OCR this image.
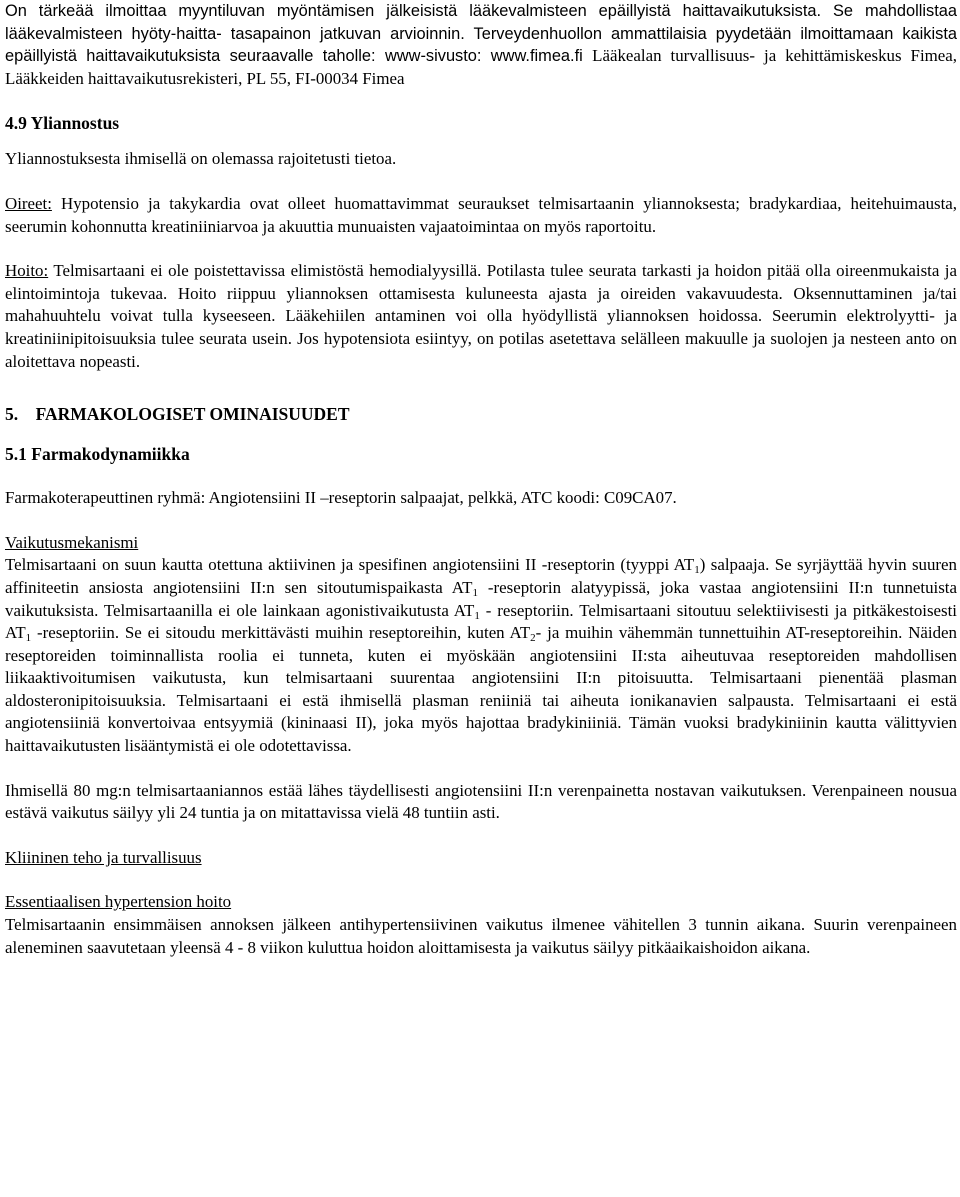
On tärkeää ilmoittaa myyntiluvan myöntämisen jälkeisistä lääkevalmisteen epäillyistä haittavaikutuksista. Se mahdollistaa lääkevalmisteen hyöty-haitta- tasapainon jatkuvan arvioinnin. Terveydenhuollon ammattilaisia pyydetään ilmoittamaan kaikista epäillyistä haittavaikutuksista seuraavalle taholle: www-sivusto: www.fimea.fi Lääkealan turvallisuus- ja kehittämiskeskus Fimea, Lääkkeiden haittavaikutusrekisteri, PL 55, FI-00034 Fimea

4.9 Yliannostus

Yliannostuksesta ihmisellä on olemassa rajoitetusti tietoa.

Oireet: Hypotensio ja takykardia ovat olleet huomattavimmat seuraukset telmisartaanin yliannoksesta; bradykardiaa, heitehuimausta, seerumin kohonnutta kreatiniiniarvoa ja akuuttia munuaisten vajaatoimintaa on myös raportoitu.

Hoito: Telmisartaani ei ole poistettavissa elimistöstä hemodialyysillä. Potilasta tulee seurata tarkasti ja hoidon pitää olla oireenmukaista ja elintoimintoja tukevaa. Hoito riippuu yliannoksen ottamisesta kuluneesta ajasta ja oireiden vakavuudesta. Oksennuttaminen ja/tai mahahuuhtelu voivat tulla kyseeseen. Lääkehiilen antaminen voi olla hyödyllistä yliannoksen hoidossa. Seerumin elektrolyytti- ja kreatiniinipitoisuuksia tulee seurata usein. Jos hypotensiota esiintyy, on potilas asetettava selälleen makuulle ja suolojen ja nesteen anto on aloitettava nopeasti.

5.    FARMAKOLOGISET OMINAISUUDET
5.1 Farmakodynamiikka

Farmakoterapeuttinen ryhmä: Angiotensiini II –reseptorin salpaajat, pelkkä, ATC koodi: C09CA07.

Vaikutusmekanismi

Telmisartaani on suun kautta otettuna aktiivinen ja spesifinen angiotensiini II -reseptorin (tyyppi $AT_1$) salpaaja. Se syrjäyttää hyvin suuren affiniteetin ansiosta angiotensiini II:n sen sitoutumispaikasta $AT_1$ -reseptorin alatyypissä, joka vastaa angiotensiini II:n tunnetuista vaikutuksista. Telmisartaanilla ei ole lainkaan agonistivaikutusta $AT_1$ - reseptoriin. Telmisartaani sitoutuu selektiivisesti ja pitkäkestoisesti $AT_1$ -reseptoriin. Se ei sitoudu merkittävästi muihin reseptoreihin, kuten $AT_2-$ ja muihin vähemmän tunnettuihin AT-reseptoreihin. Näiden reseptoreiden toiminnallista roolia ei tunneta, kuten ei myöskään angiotensiini II:sta aiheutuvaa reseptoreiden mahdollisen liikaaktivoitumisen vaikutusta, kun telmisartaani suurentaa angiotensiini II:n pitoisuutta. Telmisartaani pienentää plasman aldosteronipitoisuuksia. Telmisartaani ei estä ihmisellä plasman reniiniä tai aiheuta ionikanavien salpausta. Telmisartaani ei estä angiotensiiniä konvertoivaa entsyymiä (kininaasi II), joka myös hajottaa bradykiniiniä. Tämän vuoksi bradykiniinin kautta välittyvien haittavaikutusten lisääntymistä ei ole odotettavissa.

Ihmisellä 80 mg:n telmisartaaniannos estää lähes täydellisesti angiotensiini II:n verenpainetta nostavan vaikutuksen. Verenpaineen nousua estävä vaikutus säilyy yli 24 tuntia ja on mitattavissa vielä 48 tuntiin asti.

Kliininen teho ja turvallisuus

Essentiaalisen hypertension hoito

Telmisartaanin ensimmäisen annoksen jälkeen antihypertensiivinen vaikutus ilmenee vähitellen 3 tunnin aikana. Suurin verenpaineen aleneminen saavutetaan yleensä 4 - 8 viikon kuluttua hoidon aloittamisesta ja vaikutus säilyy pitkäaikaishoidon aikana.
